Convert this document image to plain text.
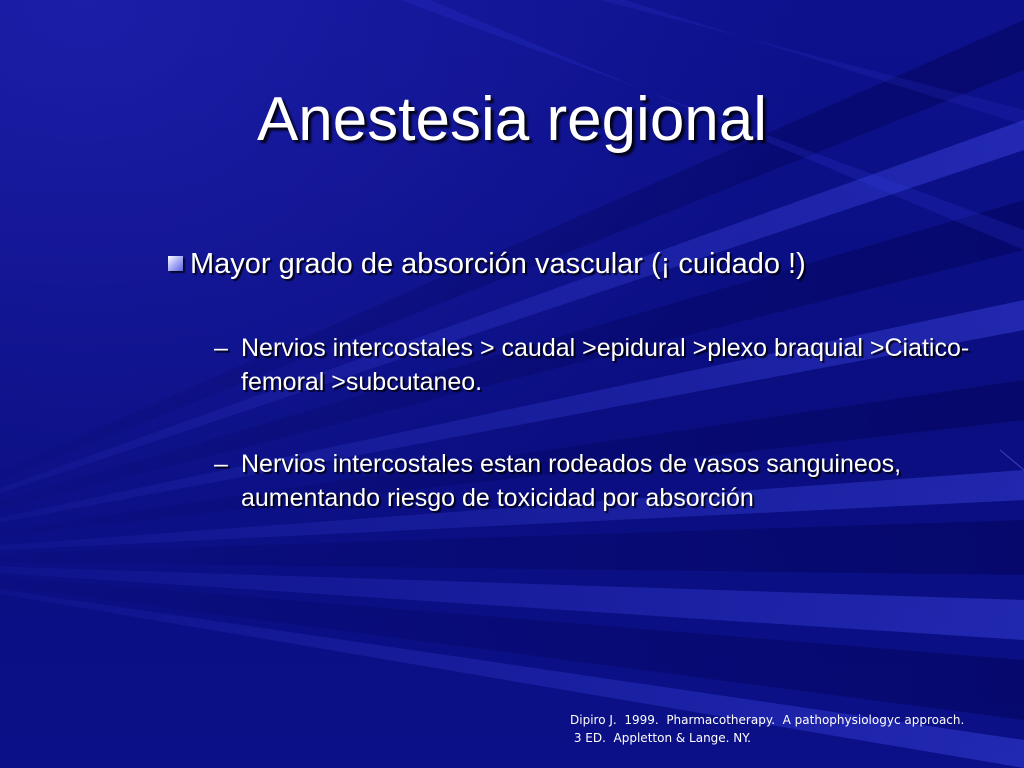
Anestesia regional
Mayor grado de absorción vascular (¡ cuidado !)
– Nervios intercostales > caudal >epidural >plexo braquial >Ciatico-femoral >subcutaneo.
– Nervios intercostales estan rodeados de vasos sanguineos, aumentando riesgo de toxicidad por absorción
Dipiro J.  1999.  Pharmacotherapy.  A pathophysiologyc approach.
3 ED.  Appletton & Lange. NY.
